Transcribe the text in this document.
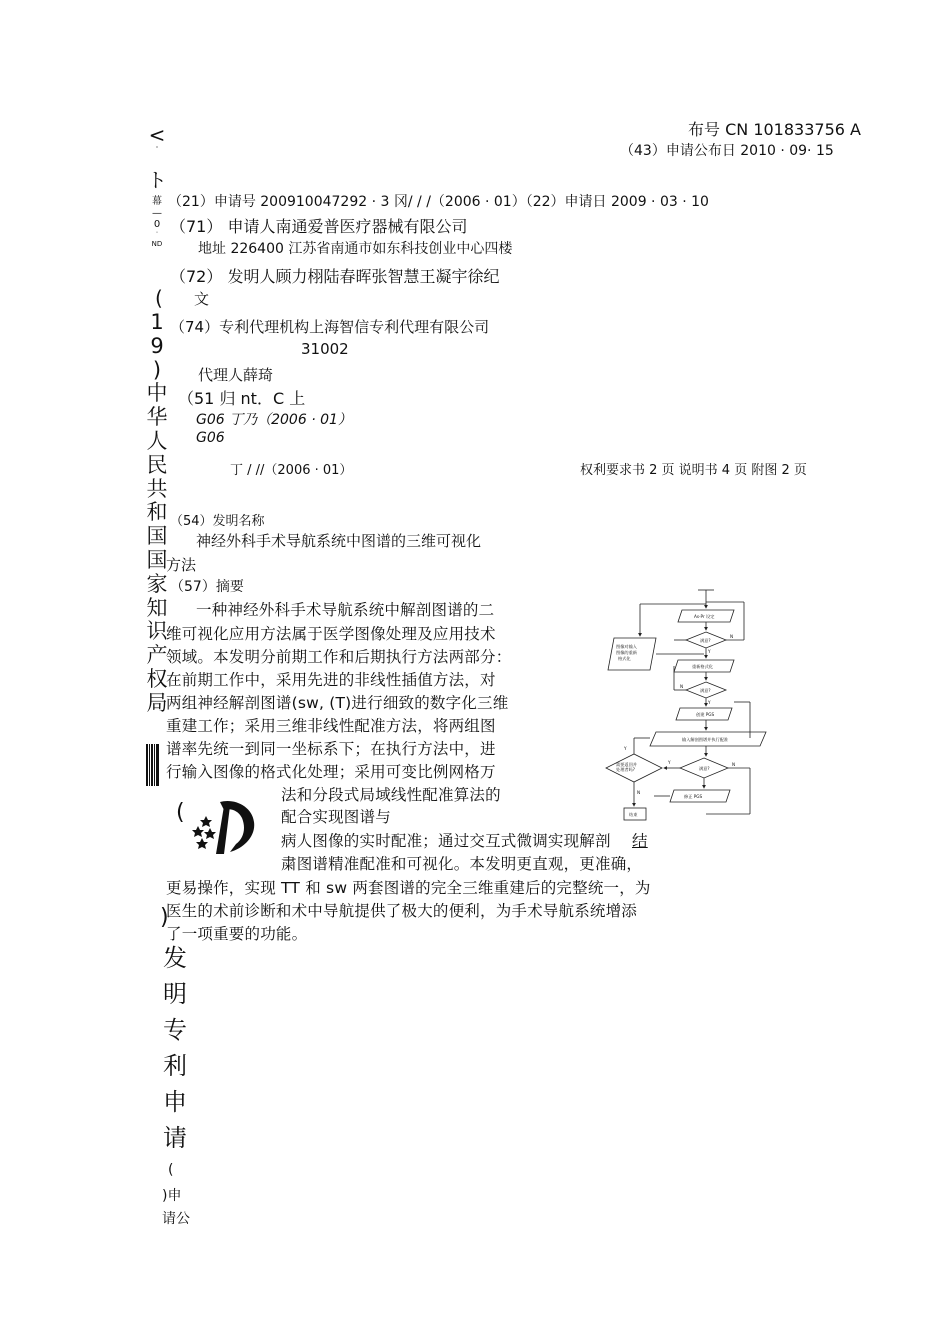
布号 CN 101833756 A
（43）申请公布日 2010 · 09· 15
<
˙
ト
幕
—
0
˙
ND
(
1
9
)
中
华
人
民
共
和
国
国
家
知
识
产
权
局
(
)
发
明
专
利
申
请
(
)申
请公
（21）申请号 200910047292 · 3 冈/ / /（2006 · 01）（22）申请日 2009 · 03 · 10
（71） 申请人南通爱普医疗器械有限公司
地址 226400 江苏省南通市如东科技创业中心四楼
（72） 发明人顾力栩陆春晖张智慧王凝宇徐纪
文
（74）专利代理机构上海智信专利代理有限公司
31002
代理人薛琦
（51 归 nt．C 上
G06 丁乃（2006 · 01）
G06
丁 / //（2006 · 01）	权利要求书 2 页 说明书 4 页 附图 2 页
（54）发明名称
神经外科手术导航系统中图谱的三维可视化
方法
（57）摘要
一种神经外科手术导航系统中解剖图谱的二
维可视化应用方法属于医学图像处理及应用技术
领域。本发明分前期工作和后期执行方法两部分：
在前期工作中，采用先进的非线性插值方法，对
两组神经解剖图谱(sw, (T)进行细致的数字化三维
重建工作；采用三维非线性配准方法，将两组图
谱率先统一到同一坐标系下；在执行方法中，进
行输入图像的格式化处理；采用可变比例网格万
法和分段式局域线性配准算法的
配合实现图谱与
病人图像的实时配准；通过交互式微调实现解剖 结
粛图谱精准配准和可视化。本发明更直观，更准确，
更易操作，实现 TT 和 sw 两套图谱的完全三维重建后的完整统一，为
医生的术前诊断和术中导航提供了极大的便利，为手术导航系统增添
了一项重要的功能。
As-Pr 设定
满意?
图像对输入图像的重新格式化
重新格式化
满意?
创建 PGS
输入解剖图谱并执行配准
满意?
需要返回并处理者吗?
修正 PGS
结束
N
Y
N
Y
Y	N
Y
N
